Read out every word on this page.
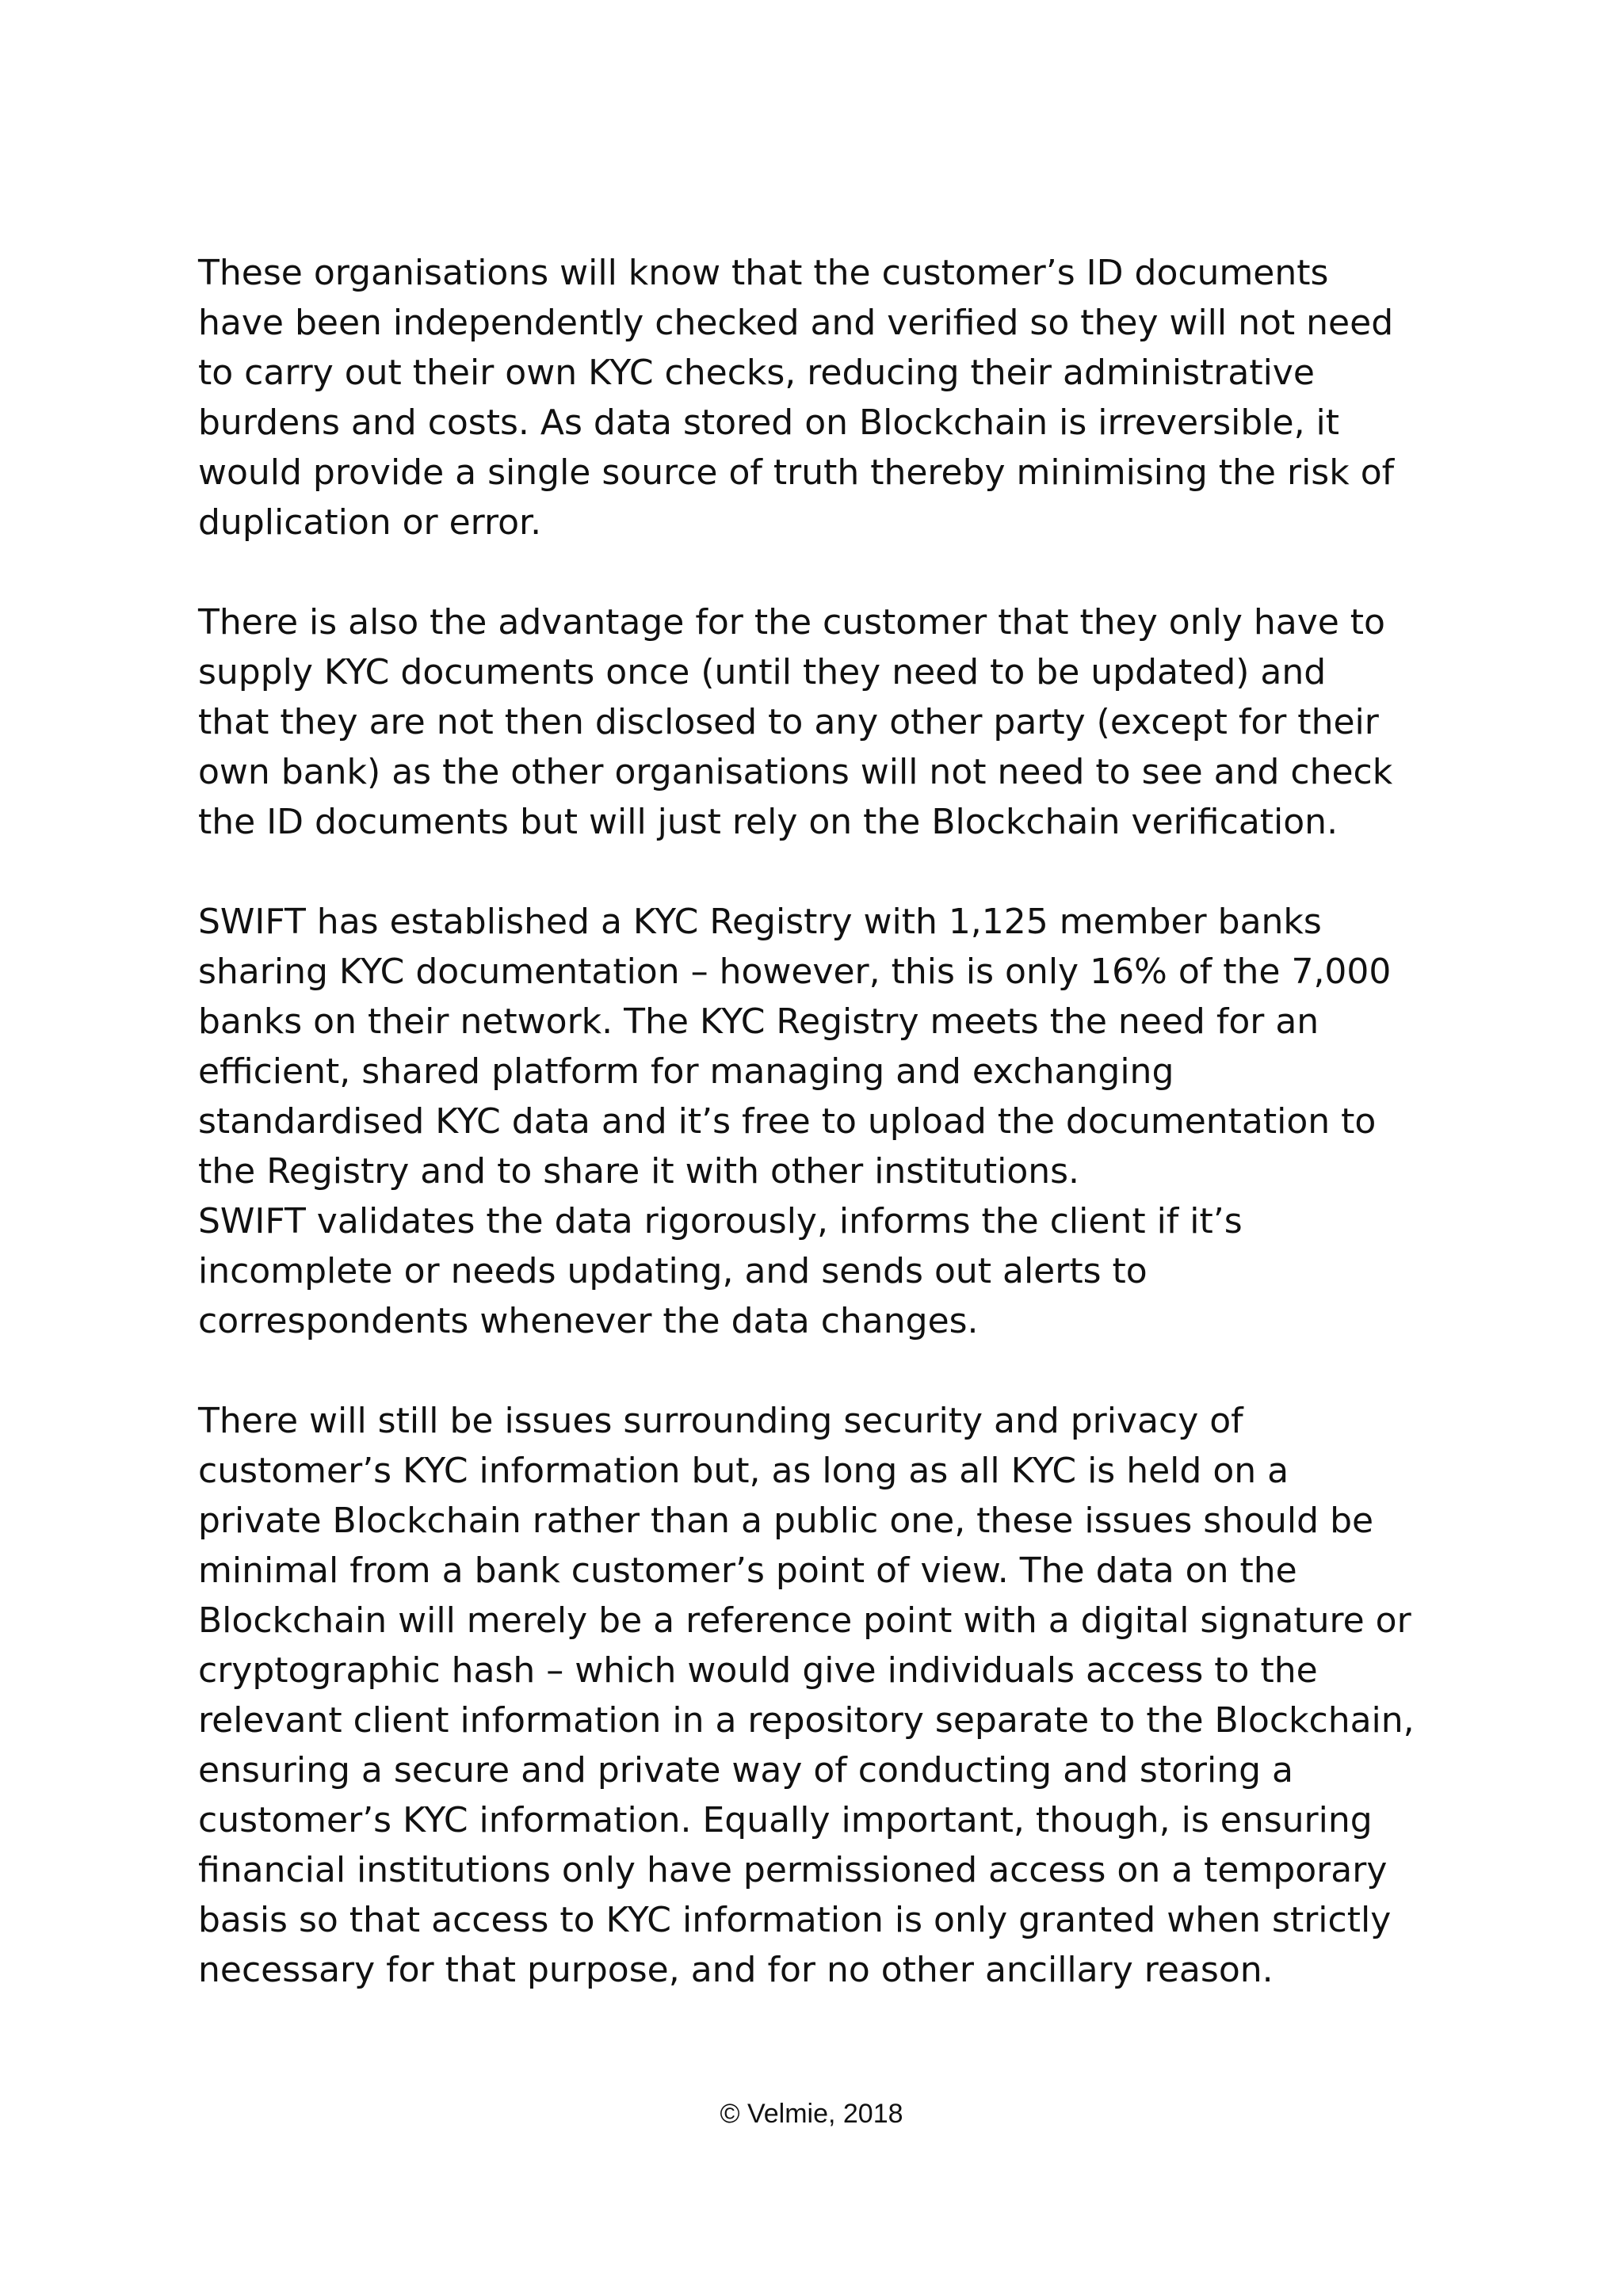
These organisations will know that the customer’s ID documents
have been independently checked and verified so they will not need
to carry out their own KYC checks, reducing their administrative
burdens and costs. As data stored on Blockchain is irreversible, it
would provide a single source of truth thereby minimising the risk of
duplication or error.
There is also the advantage for the customer that they only have to
supply KYC documents once (until they need to be updated) and
that they are not then disclosed to any other party (except for their
own bank) as the other organisations will not need to see and check
the ID documents but will just rely on the Blockchain verification.
SWIFT has established a KYC Registry with 1,125 member banks
sharing KYC documentation – however, this is only 16% of the 7,000
banks on their network. The KYC Registry meets the need for an
efficient, shared platform for managing and exchanging
standardised KYC data and it’s free to upload the documentation to
the Registry and to share it with other institutions.
SWIFT validates the data rigorously, informs the client if it’s
incomplete or needs updating, and sends out alerts to
correspondents whenever the data changes.
There will still be issues surrounding security and privacy of
customer’s KYC information but, as long as all KYC is held on a
private Blockchain rather than a public one, these issues should be
minimal from a bank customer’s point of view. The data on the
Blockchain will merely be a reference point with a digital signature or
cryptographic hash – which would give individuals access to the
relevant client information in a repository separate to the Blockchain,
ensuring a secure and private way of conducting and storing a
customer’s KYC information. Equally important, though, is ensuring
financial institutions only have permissioned access on a temporary
basis so that access to KYC information is only granted when strictly
necessary for that purpose, and for no other ancillary reason.
© Velmie, 2018
